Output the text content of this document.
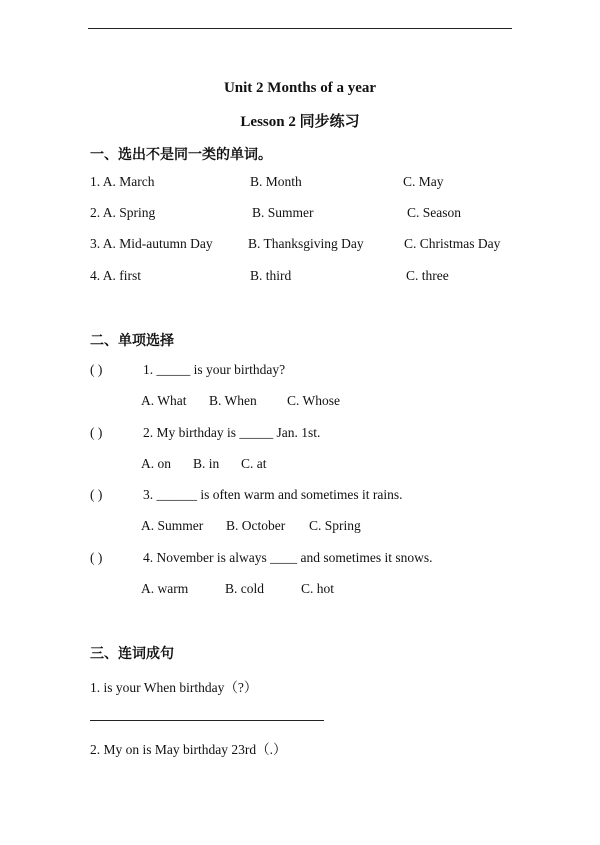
Unit 2 Months of a year
Lesson 2 同步练习
一、选出不是同一类的单词。
1. A. March	B. Month	C. May
2. A. Spring	B. Summer	C. Season
3. A. Mid-autumn Day	B. Thanksgiving Day	C. Christmas Day
4. A. first	B. third	C. three
二、单项选择
( )	1. _____ is your birthday?
A. What B. When C. Whose
( )	2. My birthday is _____ Jan. 1st.
A. on B. in C. at
( )	3. ______ is often warm and sometimes it rains.
A. Summer B. October C. Spring
( )	4. November is always ____ and sometimes it snows.
A. warm	B. cold	C. hot
三、连词成句
1. is your When birthday（?）
2. My on is May birthday 23rd（.）
